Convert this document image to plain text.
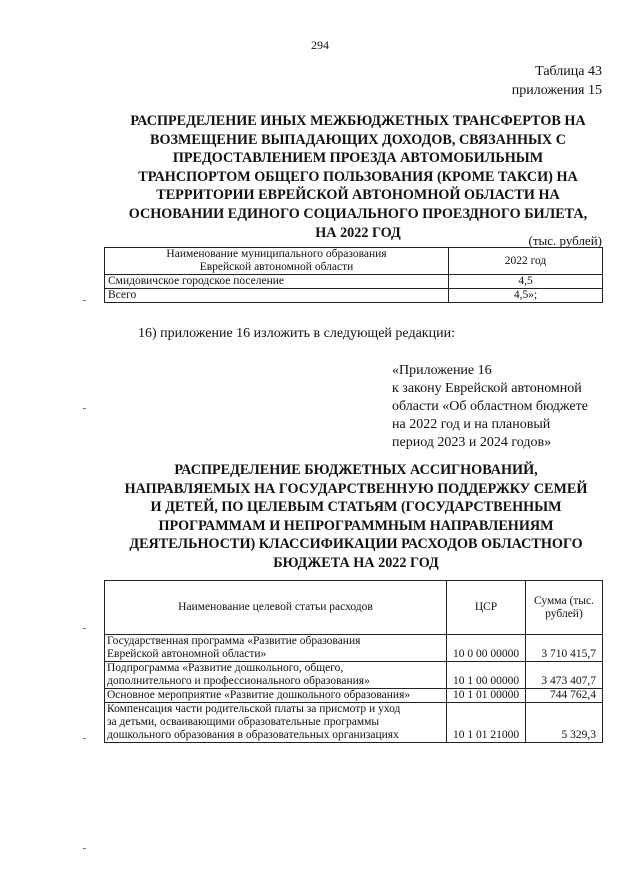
294
Таблица 43
приложения 15
РАСПРЕДЕЛЕНИЕ ИНЫХ МЕЖБЮДЖЕТНЫХ ТРАНСФЕРТОВ НА
ВОЗМЕЩЕНИЕ ВЫПАДАЮЩИХ ДОХОДОВ, СВЯЗАННЫХ С
ПРЕДОСТАВЛЕНИЕМ ПРОЕЗДА АВТОМОБИЛЬНЫМ
ТРАНСПОРТОМ ОБЩЕГО ПОЛЬЗОВАНИЯ (КРОМЕ ТАКСИ) НА
ТЕРРИТОРИИ ЕВРЕЙСКОЙ АВТОНОМНОЙ ОБЛАСТИ НА
ОСНОВАНИИ ЕДИНОГО СОЦИАЛЬНОГО ПРОЕЗДНОГО БИЛЕТА,
НА 2022 ГОД	(тыс. рублей)
Наименование муниципального образования
Еврейской автономной области	2022 год
Смидовичское городское поселение	4,5
Всего	4,5»;
16) приложение 16 изложить в следующей редакции:
«Приложение 16
к закону Еврейской автономной
области «Об областном бюджете
на 2022 год и на плановый
период 2023 и 2024 годов»
РАСПРЕДЕЛЕНИЕ БЮДЖЕТНЫХ АССИГНОВАНИЙ,
НАПРАВЛЯЕМЫХ НА ГОСУДАРСТВЕННУЮ ПОДДЕРЖКУ СЕМЕЙ
И ДЕТЕЙ, ПО ЦЕЛЕВЫМ СТАТЬЯМ (ГОСУДАРСТВЕННЫМ
ПРОГРАММАМ И НЕПРОГРАММНЫМ НАПРАВЛЕНИЯМ
ДЕЯТЕЛЬНОСТИ) КЛАССИФИКАЦИИ РАСХОДОВ ОБЛАСТНОГО
БЮДЖЕТА НА 2022 ГОД
Наименование целевой статьи расходов	ЦСР	Сумма (тыс.
рублей)

Государственная программа «Развитие образования
Еврейской автономной области»	10 0 00 00000	3 710 415,7

Подпрограмма «Развитие дошкольного, общего,
дополнительного и профессионального образования»	10 1 00 00000	3 473 407,7

Основное мероприятие «Развитие дошкольного образования»	10 1 01 00000	744 762,4

Компенсация части родительской платы за присмотр и уход
за детьми, осваивающими образовательные программы
дошкольного образования в образовательных организациях	10 1 01 21000	5 329,3
